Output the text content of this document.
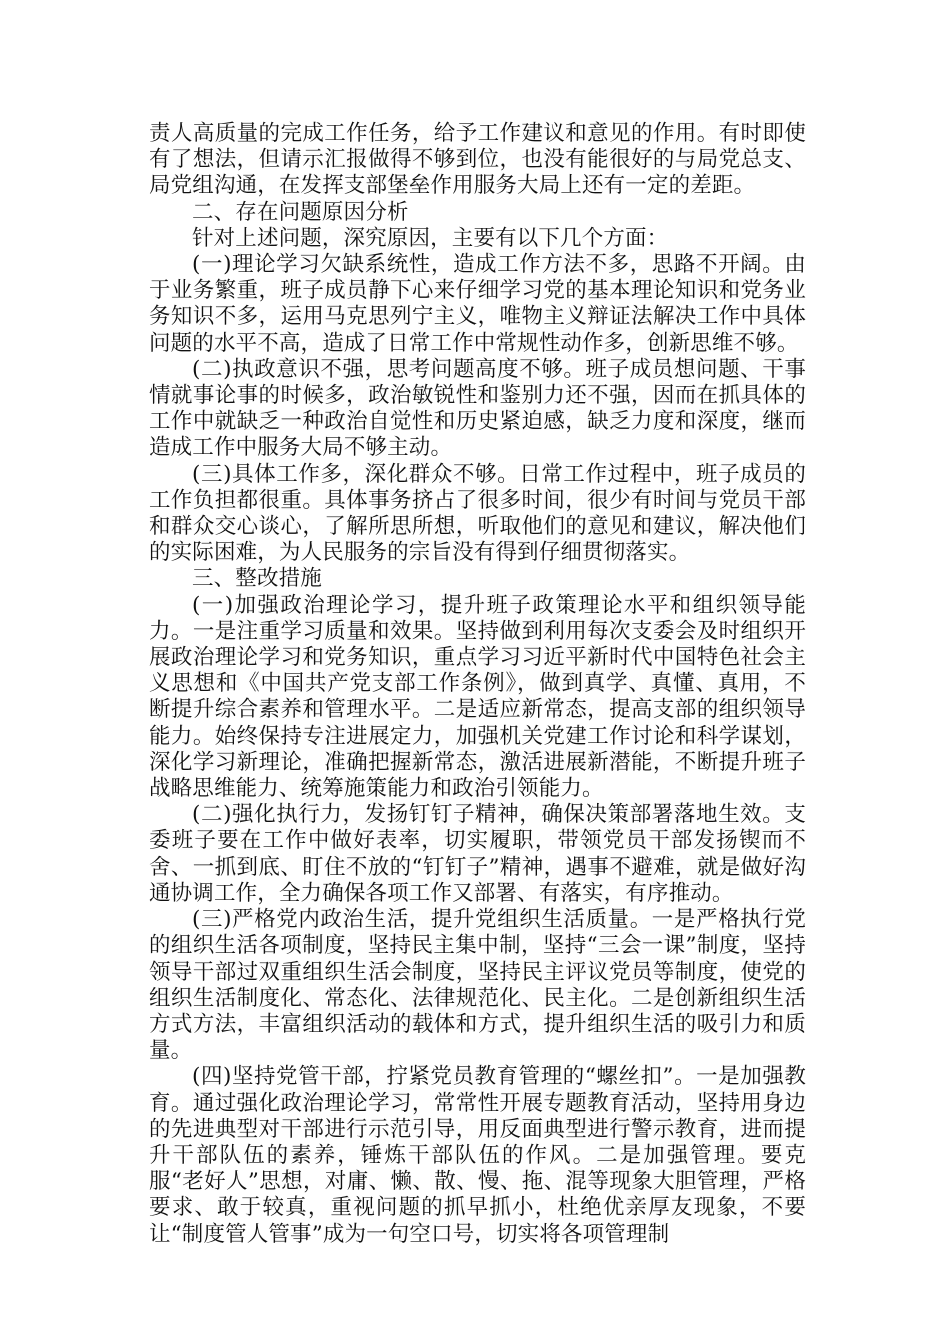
责人高质量的完成工作任务，给予工作建议和意见的作用。有时即使有了想法，但请示汇报做得不够到位，也没有能很好的与局党总支、局党组沟通，在发挥支部堡垒作用服务大局上还有一定的差距。

二、存在问题原因分析

针对上述问题，深究原因，主要有以下几个方面：

(一)理论学习欠缺系统性，造成工作方法不多，思路不开阔。由于业务繁重，班子成员静下心来仔细学习党的基本理论知识和党务业务知识不多，运用马克思列宁主义，唯物主义辩证法解决工作中具体问题的水平不高，造成了日常工作中常规性动作多，创新思维不够。

(二)执政意识不强，思考问题高度不够。班子成员想问题、干事情就事论事的时候多，政治敏锐性和鉴别力还不强，因而在抓具体的工作中就缺乏一种政治自觉性和历史紧迫感，缺乏力度和深度，继而造成工作中服务大局不够主动。

(三)具体工作多，深化群众不够。日常工作过程中，班子成员的工作负担都很重。具体事务挤占了很多时间，很少有时间与党员干部和群众交心谈心，了解所思所想，听取他们的意见和建议，解决他们的实际困难，为人民服务的宗旨没有得到仔细贯彻落实。

三、整改措施

(一)加强政治理论学习，提升班子政策理论水平和组织领导能力。一是注重学习质量和效果。坚持做到利用每次支委会及时组织开展政治理论学习和党务知识，重点学习习近平新时代中国特色社会主义思想和《中国共产党支部工作条例》，做到真学、真懂、真用，不断提升综合素养和管理水平。二是适应新常态，提高支部的组织领导能力。始终保持专注进展定力，加强机关党建工作讨论和科学谋划，深化学习新理论，准确把握新常态，激活进展新潜能，不断提升班子战略思维能力、统筹施策能力和政治引领能力。

(二)强化执行力，发扬钉钉子精神，确保决策部署落地生效。支委班子要在工作中做好表率，切实履职，带领党员干部发扬锲而不舍、一抓到底、盯住不放的“钉钉子”精神，遇事不避难，就是做好沟通协调工作，全力确保各项工作又部署、有落实，有序推动。

(三)严格党内政治生活，提升党组织生活质量。一是严格执行党的组织生活各项制度，坚持民主集中制，坚持“三会一课”制度，坚持领导干部过双重组织生活会制度，坚持民主评议党员等制度，使党的组织生活制度化、常态化、法律规范化、民主化。二是创新组织生活方式方法，丰富组织活动的载体和方式，提升组织生活的吸引力和质量。

(四)坚持党管干部，拧紧党员教育管理的“螺丝扣”。一是加强教育。通过强化政治理论学习，常常性开展专题教育活动，坚持用身边的先进典型对干部进行示范引导，用反面典型进行警示教育，进而提升干部队伍的素养，锤炼干部队伍的作风。二是加强管理。要克服“老好人”思想，对庸、懒、散、慢、拖、混等现象大胆管理，严格要求、敢于较真，重视问题的抓早抓小，杜绝优亲厚友现象，不要让“制度管人管事”成为一句空口号，切实将各项管理制
